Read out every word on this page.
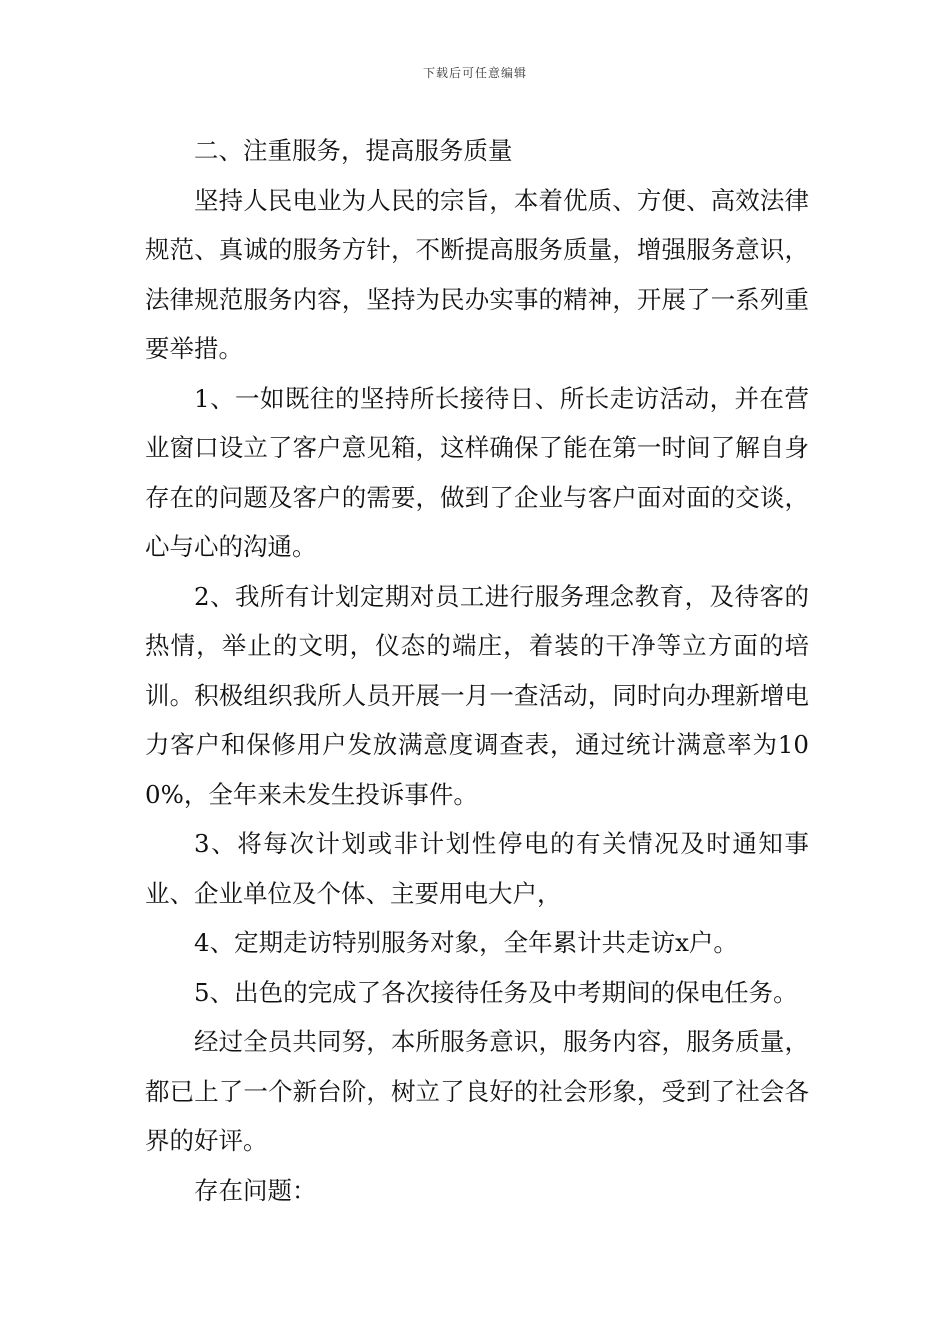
下载后可任意编辑

二、注重服务，提高服务质量

坚持人民电业为人民的宗旨，本着优质、方便、高效法律规范、真诚的服务方针，不断提高服务质量，增强服务意识，法律规范服务内容，坚持为民办实事的精神，开展了一系列重要举措。

1、一如既往的坚持所长接待日、所长走访活动，并在营业窗口设立了客户意见箱，这样确保了能在第一时间了解自身存在的问题及客户的需要，做到了企业与客户面对面的交谈，心与心的沟通。

2、我所有计划定期对员工进行服务理念教育，及待客的热情，举止的文明，仪态的端庄，着装的干净等立方面的培训。积极组织我所人员开展一月一查活动，同时向办理新增电力客户和保修用户发放满意度调查表，通过统计满意率为100%，全年来未发生投诉事件。

3、将每次计划或非计划性停电的有关情况及时通知事业、企业单位及个体、主要用电大户，

4、定期走访特别服务对象，全年累计共走访x户。

5、出色的完成了各次接待任务及中考期间的保电任务。

经过全员共同努，本所服务意识，服务内容，服务质量，都已上了一个新台阶，树立了良好的社会形象，受到了社会各界的好评。

存在问题：
